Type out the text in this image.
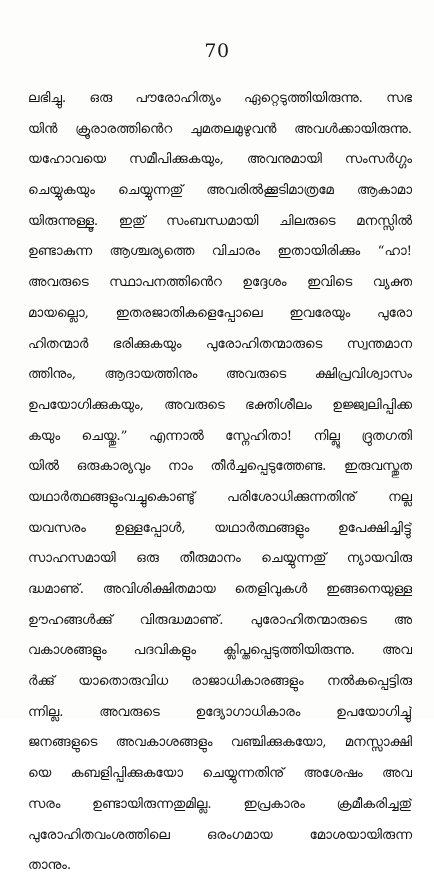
70
ലഭിച്ചു. ഒരു പൗരോഹിത്യം ഏറ്റെടുത്തിയിരുന്നു. സഭ
യിൻ ക്രൂരാരത്തിൻെറ ചുമതലമുഴുവൻ അവൾക്കായിരുന്നു.
യഹോവയെ സമീപിക്കുകയും, അവനുമായി സംസർഗ്ഗം
ചെയ്യുകയും ചെയ്യുന്നതു് അവരിൽക്കൂടിമാത്രമേ ആകാമാ
യിരുന്നുള്ളൂ. ഇതു് സംബന്ധമായി ചിലരുടെ മനസ്സിൽ
ഉണ്ടാകുന്ന ആശ്ചര്യത്തെ വിചാരം ഇതായിരിക്കും “ഹാ!
അവരുടെ സ്ഥാപനത്തിൻെറ ഉദ്ദേശം ഇവിടെ വ്യക്ത
മായല്ലൊ, ഇതരജാതികളെപ്പോലെ ഇവരേയും പുരോ
ഹിതന്മാർ ഭരിക്കുകയും പുരോഹിതന്മാരുടെ സ്വന്തമാന
ത്തിനും, ആദായത്തിനും അവരുടെ ക്ഷിപ്രവിശ്വാസം
ഉപയോഗിക്കുകയും, അവരുടെ ഭക്തിശീലം ഉജ്ജ്വലിപ്പിക്ക
കയും ചെയ്തു.” എന്നാൽ സ്നേഹിതാ! നില്ലൂ ദ്രുതഗതി
യിൽ ഒരുകാര്യവും നാം തീർച്ചപ്പെടുത്തേണ്ട. ഇരുവസ്തുത
യഥാർത്ഥങ്ങളുംവച്ചുകൊണ്ടു് പരിശോധിക്കുന്നതിനു് നല്ല
യവസരം ഉള്ളപ്പോൾ, യഥാർത്ഥങ്ങളും ഉപേക്ഷിച്ചിട്ടു്
സാഹസമായി ഒരു തീരുമാനം ചെയ്യുന്നതു് ന്യായവിരു
ദ്ധമാണു്. അവിശിക്ഷിതമായ തെളിവുകൾ ഇങ്ങനെയുള്ള
ഊഹങ്ങൾക്കു് വിരുദ്ധമാണു്. പുരോഹിതന്മാരുടെ അ
വകാശങ്ങളും പദവികളും ക്ലിപ്തപ്പെടുത്തിയിരുന്നു. അവ
ർക്കു് യാതൊരുവിധ രാജാധികാരങ്ങളും നൽകപ്പെട്ടിരു
ന്നില്ല. അവരുടെ ഉദ്യോഗാധികാരം ഉപയോഗിച്ചു്
ജനങ്ങളുടെ അവകാശങ്ങളും വഞ്ചിക്കുകയോ, മനസ്സാക്ഷി
യെ കബളിപ്പിക്കുകയോ ചെയ്യുന്നതിനു് അശേഷം അവ
സരം ഉണ്ടായിരുന്നതുമില്ല. ഇപ്രകാരം ക്രമീകരിച്ചതു്
പുരോഹിതവംശത്തിലെ ഒരംഗമായ മോശയായിരുന്ന
താനും.
